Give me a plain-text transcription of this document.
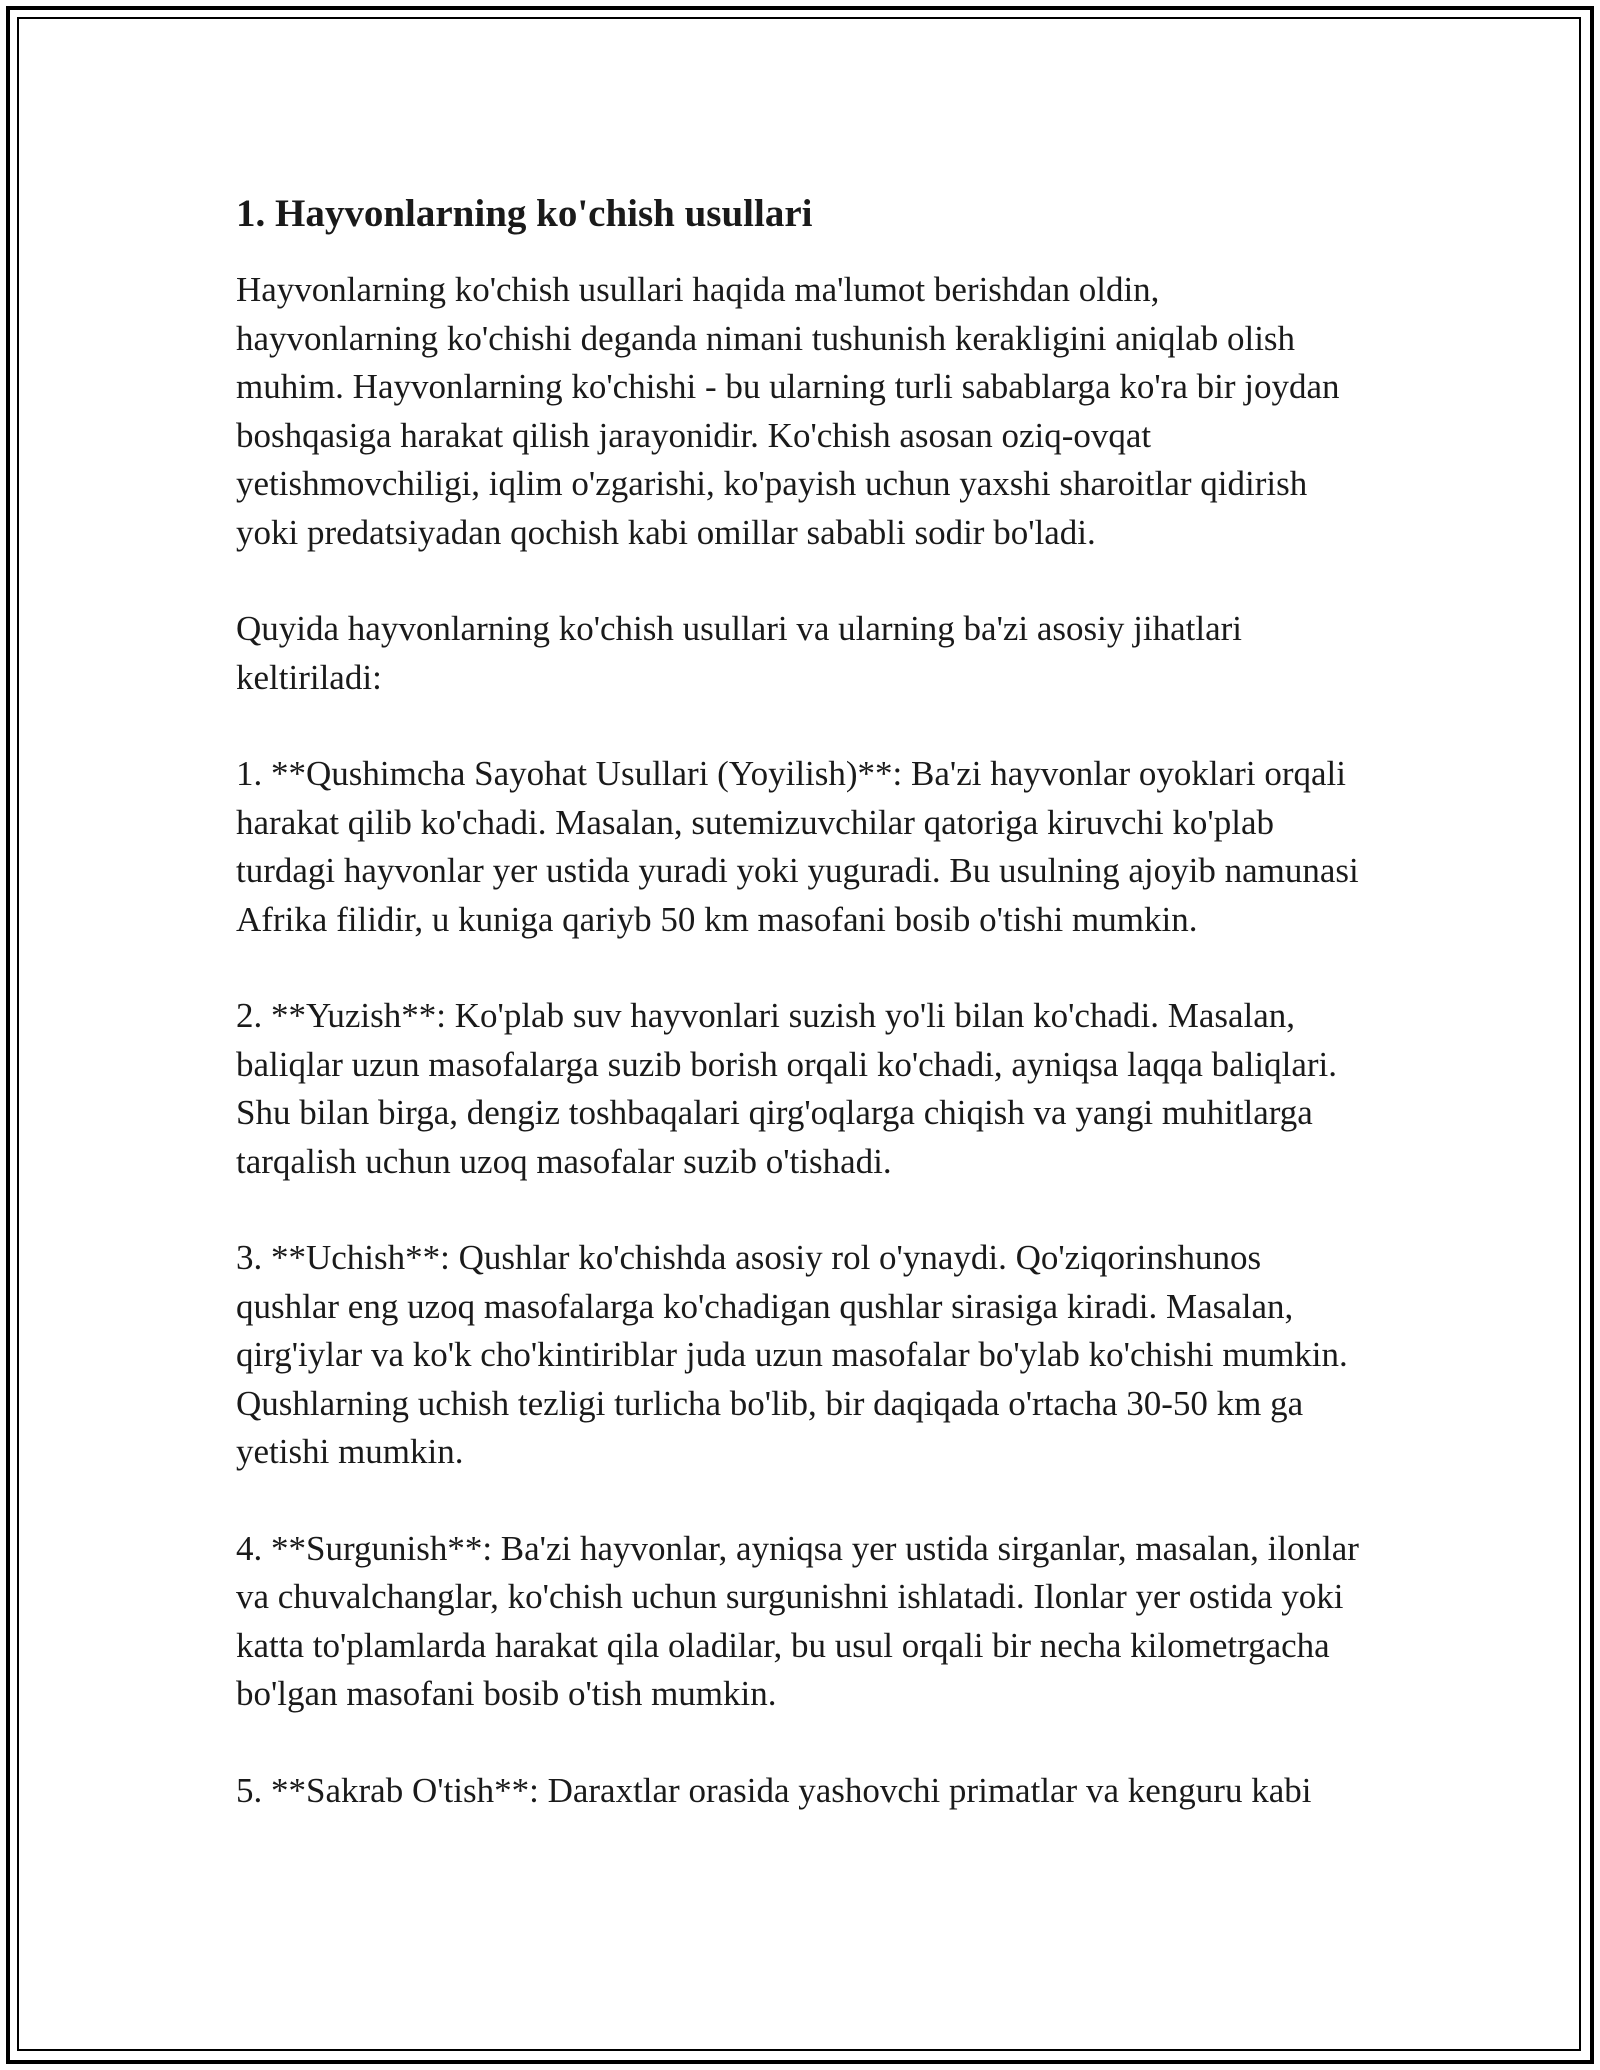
1. Hayvonlarning ko'chish usullari

Hayvonlarning ko'chish usullari haqida ma'lumot berishdan oldin, hayvonlarning ko'chishi deganda nimani tushunish kerakligini aniqlab olish muhim. Hayvonlarning ko'chishi - bu ularning turli sabablarga ko'ra bir joydan boshqasiga harakat qilish jarayonidir. Ko'chish asosan oziq-ovqat yetishmovchiligi, iqlim o'zgarishi, ko'payish uchun yaxshi sharoitlar qidirish yoki predatsiyadan qochish kabi omillar sababli sodir bo'ladi.

Quyida hayvonlarning ko'chish usullari va ularning ba'zi asosiy jihatlari keltiriladi:

1. **Qushimcha Sayohat Usullari (Yoyilish)**: Ba'zi hayvonlar oyoklari orqali harakat qilib ko'chadi. Masalan, sutemizuvchilar qatoriga kiruvchi ko'plab turdagi hayvonlar yer ustida yuradi yoki yuguradi. Bu usulning ajoyib namunasi Afrika filidir, u kuniga qariyb 50 km masofani bosib o'tishi mumkin.

2. **Yuzish**: Ko'plab suv hayvonlari suzish yo'li bilan ko'chadi. Masalan, baliqlar uzun masofalarga suzib borish orqali ko'chadi, ayniqsa laqqa baliqlari. Shu bilan birga, dengiz toshbaqalari qirg'oqlarga chiqish va yangi muhitlarga tarqalish uchun uzoq masofalar suzib o'tishadi.

3. **Uchish**: Qushlar ko'chishda asosiy rol o'ynaydi. Qo'ziqorinshunos qushlar eng uzoq masofalarga ko'chadigan qushlar sirasiga kiradi. Masalan, qirg'iylar va ko'k cho'kintiriblar juda uzun masofalar bo'ylab ko'chishi mumkin. Qushlarning uchish tezligi turlicha bo'lib, bir daqiqada o'rtacha 30-50 km ga yetishi mumkin.

4. **Surgunish**: Ba'zi hayvonlar, ayniqsa yer ustida sirganlar, masalan, ilonlar va chuvalchanglar, ko'chish uchun surgunishni ishlatadi. Ilonlar yer ostida yoki katta to'plamlarda harakat qila oladilar, bu usul orqali bir necha kilometrgacha bo'lgan masofani bosib o'tish mumkin.

5. **Sakrab O'tish**: Daraxtlar orasida yashovchi primatlar va kenguru kabi
